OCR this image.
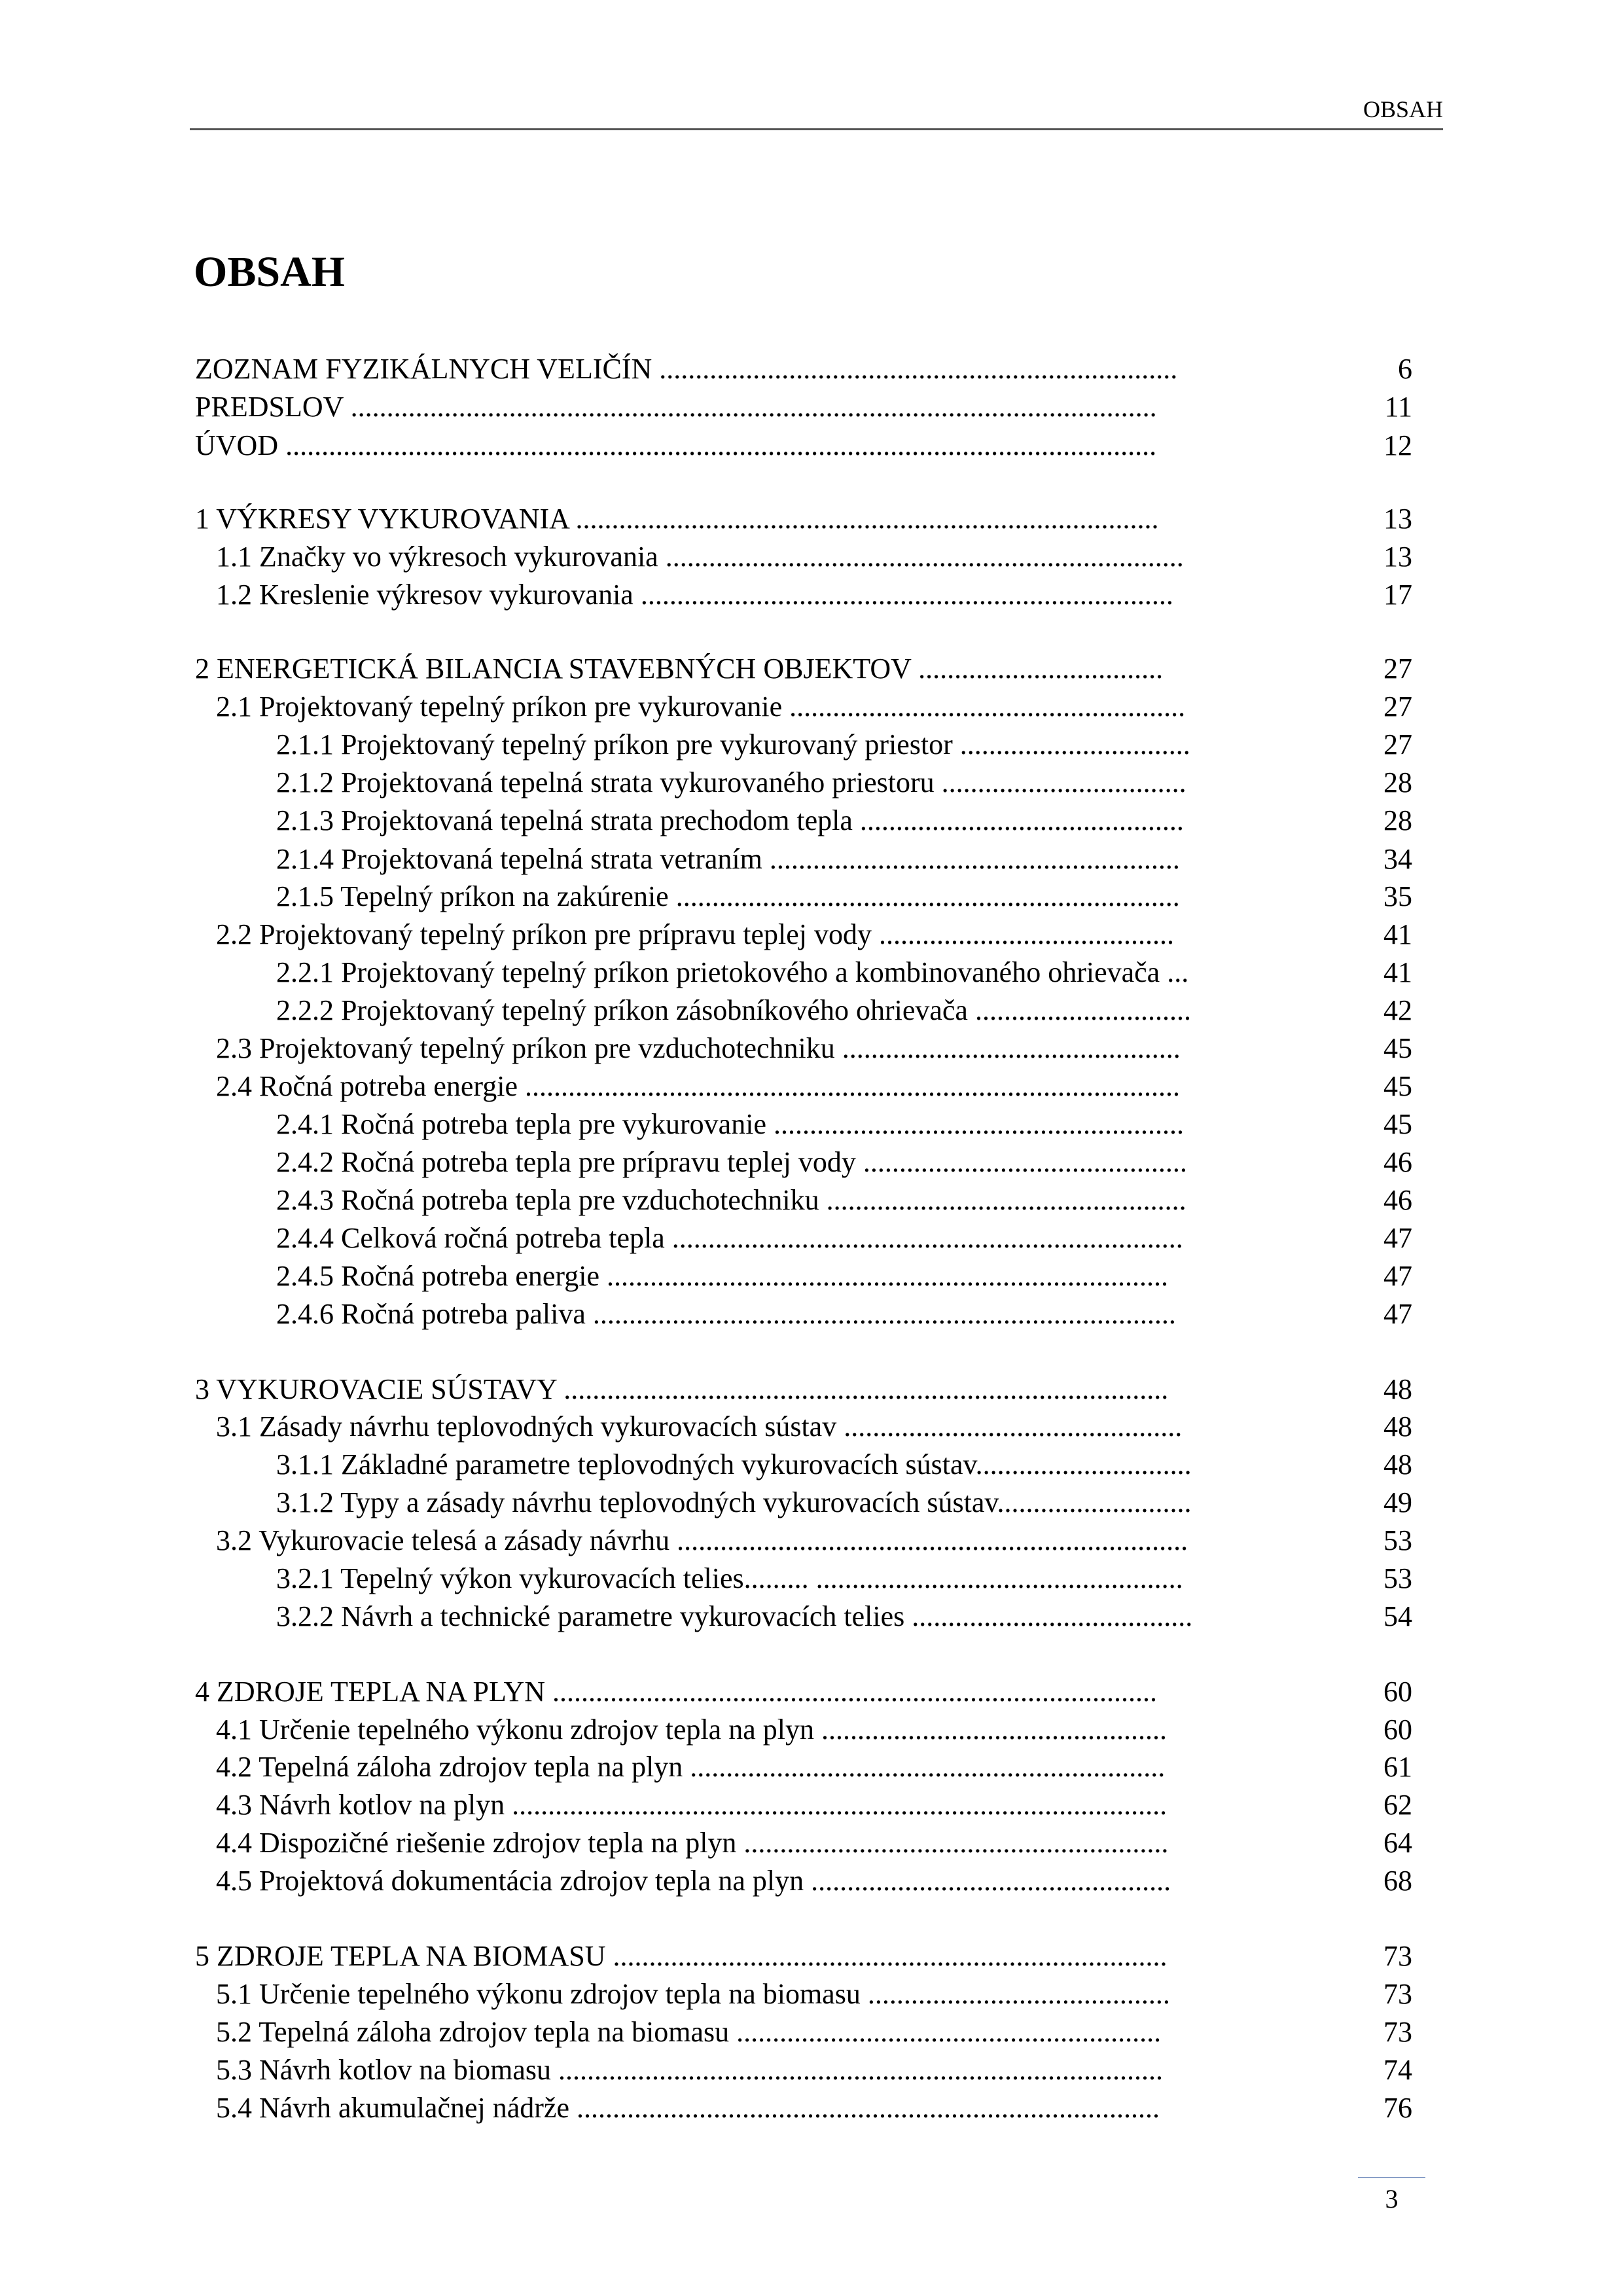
OBSAH
OBSAH
ZOZNAM FYZIKÁLNYCH VELIČÍN ........................................................................	6
PREDSLOV ................................................................................................................	11
ÚVOD .........................................................................................................................	12
1 VÝKRESY VYKUROVANIA .................................................................................	13
1.1 Značky vo výkresoch vykurovania ........................................................................	13
1.2 Kreslenie výkresov vykurovania ..........................................................................	17
2 ENERGETICKÁ BILANCIA STAVEBNÝCH OBJEKTOV ..................................	27
2.1 Projektovaný tepelný príkon pre vykurovanie .......................................................	27
2.1.1 Projektovaný tepelný príkon pre vykurovaný priestor ................................	27
2.1.2 Projektovaná tepelná strata vykurovaného priestoru ..................................	28
2.1.3 Projektovaná tepelná strata prechodom tepla .............................................	28
2.1.4 Projektovaná tepelná strata vetraním .........................................................	34
2.1.5 Tepelný príkon na zakúrenie ......................................................................	35
2.2 Projektovaný tepelný príkon pre prípravu teplej vody .........................................	41
2.2.1 Projektovaný tepelný príkon prietokového a kombinovaného ohrievača ...	41
2.2.2 Projektovaný tepelný príkon zásobníkového ohrievača ..............................	42
2.3 Projektovaný tepelný príkon pre vzduchotechniku ...............................................	45
2.4 Ročná potreba energie ...........................................................................................	45
2.4.1 Ročná potreba tepla pre vykurovanie .........................................................	45
2.4.2 Ročná potreba tepla pre prípravu teplej vody .............................................	46
2.4.3 Ročná potreba tepla pre vzduchotechniku ..................................................	46
2.4.4 Celková ročná potreba tepla .......................................................................	47
2.4.5 Ročná potreba energie ..............................................................................	47
2.4.6 Ročná potreba paliva .................................................................................	47
3 VYKUROVACIE SÚSTAVY ....................................................................................	48
3.1 Zásady návrhu teplovodných vykurovacích sústav ...............................................	48
3.1.1 Základné parametre teplovodných vykurovacích sústav..............................	48
3.1.2 Typy a zásady návrhu teplovodných vykurovacích sústav...........................	49
3.2 Vykurovacie telesá a zásady návrhu .......................................................................	53
3.2.1 Tepelný výkon vykurovacích telies......... ...................................................	53
3.2.2 Návrh a technické parametre vykurovacích telies .......................................	54
4 ZDROJE TEPLA NA PLYN ....................................................................................	60
4.1 Určenie tepelného výkonu zdrojov tepla na plyn ................................................	60
4.2 Tepelná záloha zdrojov tepla na plyn ..................................................................	61
4.3 Návrh kotlov na plyn ...........................................................................................	62
4.4 Dispozičné riešenie zdrojov tepla na plyn ...........................................................	64
4.5 Projektová dokumentácia zdrojov tepla na plyn ..................................................	68
5 ZDROJE TEPLA NA BIOMASU .............................................................................	73
5.1 Určenie tepelného výkonu zdrojov tepla na biomasu ..........................................	73
5.2 Tepelná záloha zdrojov tepla na biomasu ...........................................................	73
5.3 Návrh kotlov na biomasu ....................................................................................	74
5.4 Návrh akumulačnej nádrže .................................................................................	76
3
